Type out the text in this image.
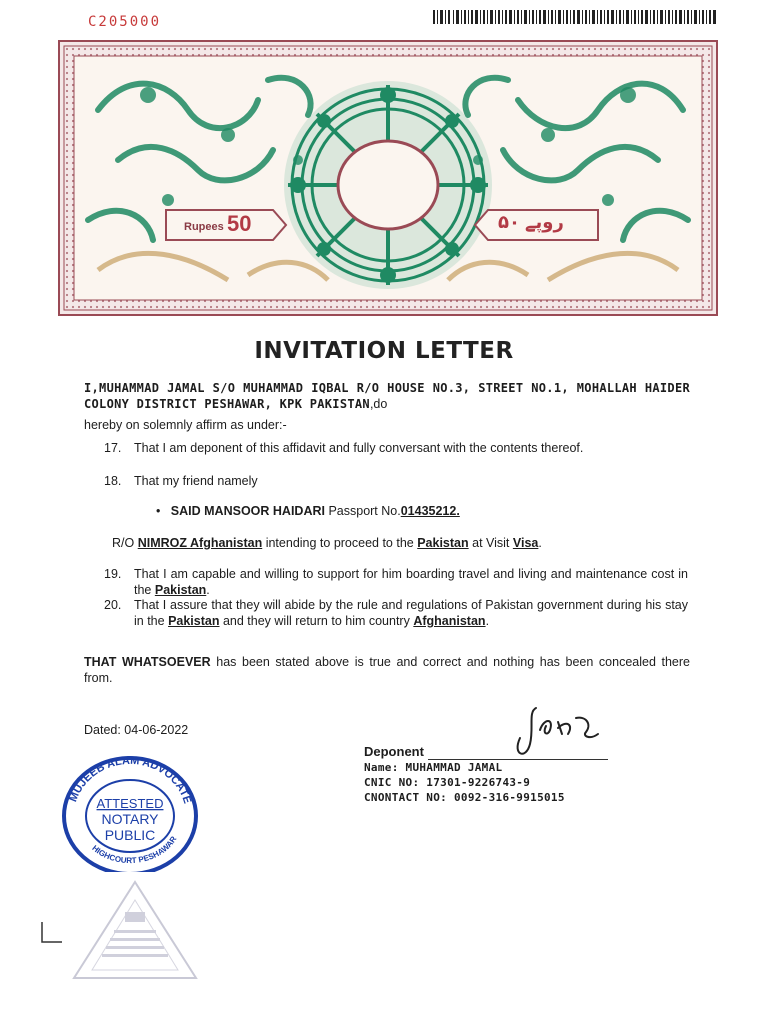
C205000
Rupees 50	روپے ۵۰
INVITATION LETTER
I,MUHAMMAD JAMAL S/O MUHAMMAD IQBAL R/O HOUSE NO.3, STREET NO.1, MOHALLAH HAIDER COLONY DISTRICT PESHAWAR, KPK PAKISTAN,do
hereby on solemnly affirm as under:-
17. That I am deponent of this affidavit and fully conversant with the contents thereof.
18. That my friend namely
•   SAID MANSOOR HAIDARI Passport No.01435212.
R/O NIMROZ Afghanistan intending to proceed to the Pakistan at Visit Visa.
19. That I am capable and willing to support for him boarding travel and living and maintenance cost in the Pakistan.
20. That I assure that they will abide by the rule and regulations of Pakistan government during his stay in the Pakistan and they will return to him country Afghanistan.
THAT WHATSOEVER has been stated above is true and correct and nothing has been concealed there from.
Dated: 04-06-2022
Deponent
Name: MUHAMMAD JAMAL
CNIC NO: 17301-9226743-9
CNONTACT NO: 0092-316-9915015
MUJEEB ALAM ADVOCATE
HIGHCOURT PESHAWAR
ATTESTED
NOTARY
PUBLIC
